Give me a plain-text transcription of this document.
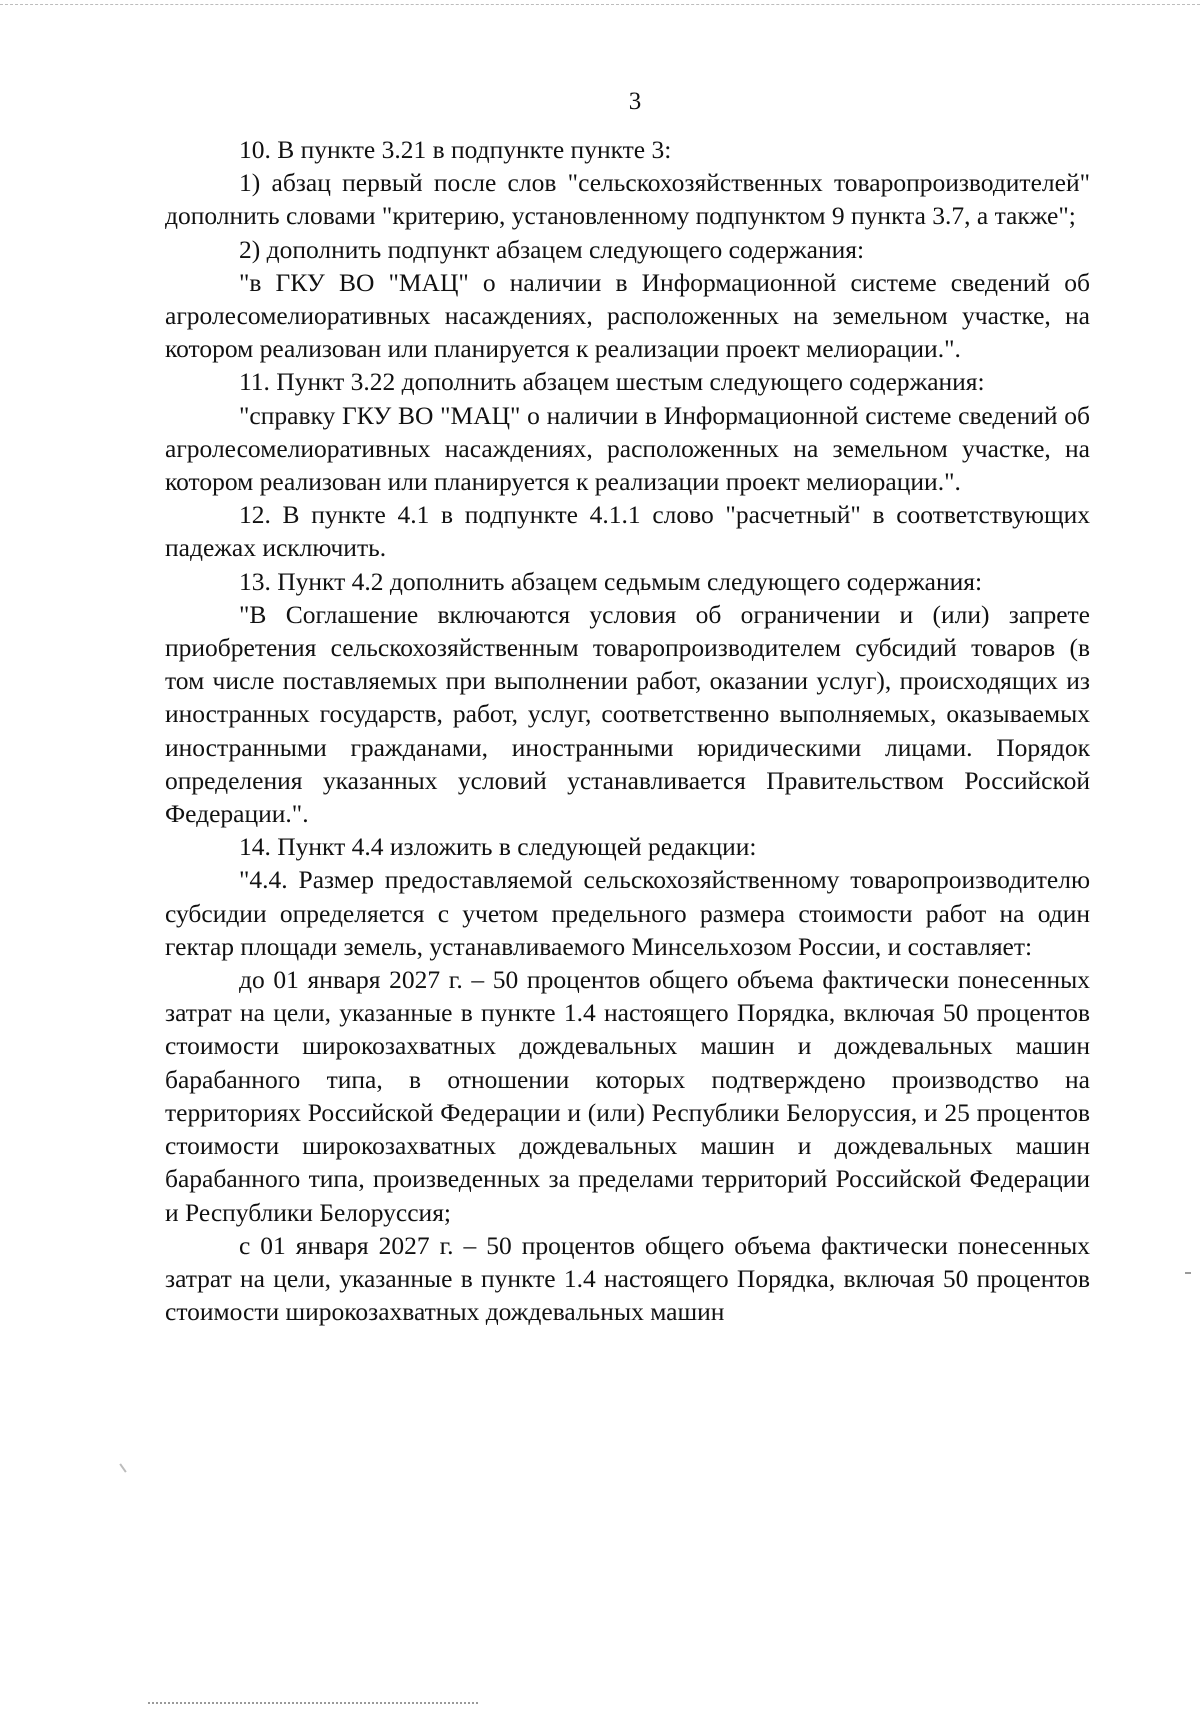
3

10. В пункте 3.21 в подпункте пункте 3:

1) абзац первый после слов "сельскохозяйственных товаропроизводителей" дополнить словами "критерию, установленному подпунктом 9 пункта 3.7, а также";

2) дополнить подпункт абзацем следующего содержания:

"в ГКУ ВО "МАЦ" о наличии в Информационной системе сведений об агролесомелиоративных насаждениях, расположенных на земельном участке, на котором реализован или планируется к реализации проект мелиорации.".

11. Пункт 3.22 дополнить абзацем шестым следующего содержания:

"справку ГКУ ВО "МАЦ" о наличии в Информационной системе сведений об агролесомелиоративных насаждениях, расположенных на земельном участке, на котором реализован или планируется к реализации проект мелиорации.".

12. В пункте 4.1 в подпункте 4.1.1 слово "расчетный" в соответствующих падежах исключить.

13. Пункт 4.2 дополнить абзацем седьмым следующего содержания:

"В Соглашение включаются условия об ограничении и (или) запрете приобретения сельскохозяйственным товаропроизводителем субсидий товаров (в том числе поставляемых при выполнении работ, оказании услуг), происходящих из иностранных государств, работ, услуг, соответственно выполняемых, оказываемых иностранными гражданами, иностранными юридическими лицами. Порядок определения указанных условий устанавливается Правительством Российской Федерации.".

14. Пункт 4.4 изложить в следующей редакции:

"4.4. Размер предоставляемой сельскохозяйственному товаропроизводителю субсидии определяется с учетом предельного размера стоимости работ на один гектар площади земель, устанавливаемого Минсельхозом России, и составляет:

до 01 января 2027 г. – 50 процентов общего объема фактически понесенных затрат на цели, указанные в пункте 1.4 настоящего Порядка, включая 50 процентов стоимости широкозахватных дождевальных машин и дождевальных машин барабанного типа, в отношении которых подтверждено производство на территориях Российской Федерации и (или) Республики Белоруссия, и 25 процентов стоимости широкозахватных дождевальных машин и дождевальных машин барабанного типа, произведенных за пределами территорий Российской Федерации и Республики Белоруссия;

с 01 января 2027 г. – 50 процентов общего объема фактически понесенных затрат на цели, указанные в пункте 1.4 настоящего Порядка, включая 50 процентов стоимости широкозахватных дождевальных машин
